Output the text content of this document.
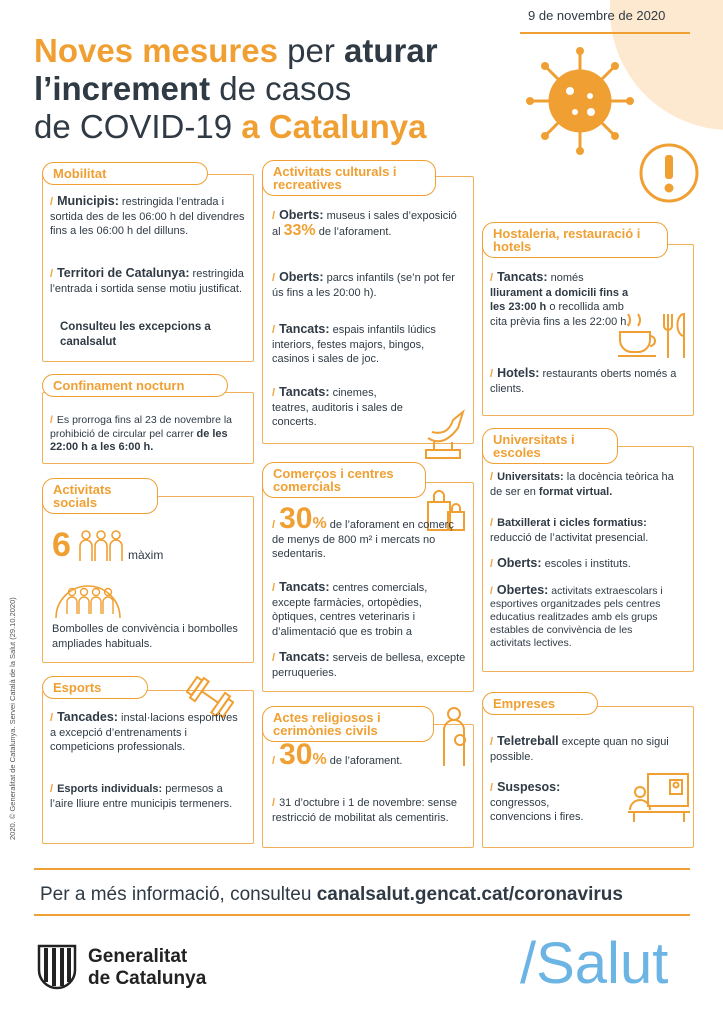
9 de novembre de 2020
Noves mesures per aturar
l’increment de casos
de COVID-19 a Catalunya
Mobilitat
/ Municipis: restringida l’entrada i sortida des de les 06:00 h del divendres fins a les 06:00 h del dilluns.
/ Territori de Catalunya: restringida l’entrada i sortida sense motiu justificat.
Consulteu les excepcions a canalsalut
Confinament nocturn
/ Es prorroga fins al 23 de novembre la prohibició de circular pel carrer de les 22:00 h a les 6:00 h.
Activitats socials
6	màxim
Bombolles de convivència i bombolles ampliades habituals.
Esports
/ Tancades: instal·lacions esportives a excepció d’entrenaments i competicions professionals.
/ Esports individuals: permesos a l’aire lliure entre municipis termeners.
Activitats culturals i recreatives
/ Oberts: museus i sales d’exposició al 33% de l’aforament.
/ Oberts: parcs infantils (se’n pot fer ús fins a les 20:00 h).
/ Tancats: espais infantils lúdics interiors, festes majors, bingos, casinos i sales de joc.
/ Tancats: cinemes, teatres, auditoris i sales de concerts.
Comerços i centres comercials
/ 30% de l’aforament en comerç de menys de 800 m² i mercats no sedentaris.
/ Tancats: centres comercials, excepte farmàcies, ortopèdies, òptiques, centres veterinaris i d’alimentació que es trobin a
/ Tancats: serveis de bellesa, excepte perruqueries.
Actes religiosos i cerimònies civils
/ 30% de l’aforament.
/ 31 d’octubre i 1 de novembre: sense restricció de mobilitat als cementiris.
Hostaleria, restauració i hotels
/ Tancats: només lliurament a domicili fins a les 23:00 h o recollida amb cita prèvia fins a les 22:00 h.
/ Hotels: restaurants oberts només a clients.
Universitats i escoles
/ Universitats: la docència teòrica ha de ser en format virtual.
/ Batxillerat i cicles formatius: reducció de l’activitat presencial.
/ Oberts: escoles i instituts.
/ Obertes: activitats extraescolars i esportives organitzades pels centres educatius realitzades amb els grups estables de convivència de les activitats lectives.
Empreses
/ Teletreball excepte quan no sigui possible.
/ Suspesos: congressos, convencions i fires.
2020. © Generalitat de Catalunya. Servei Català de la Salut (29.10.2020)
Per a més informació, consulteu canalsalut.gencat.cat/coronavirus
Generalitat
de Catalunya	/Salut
